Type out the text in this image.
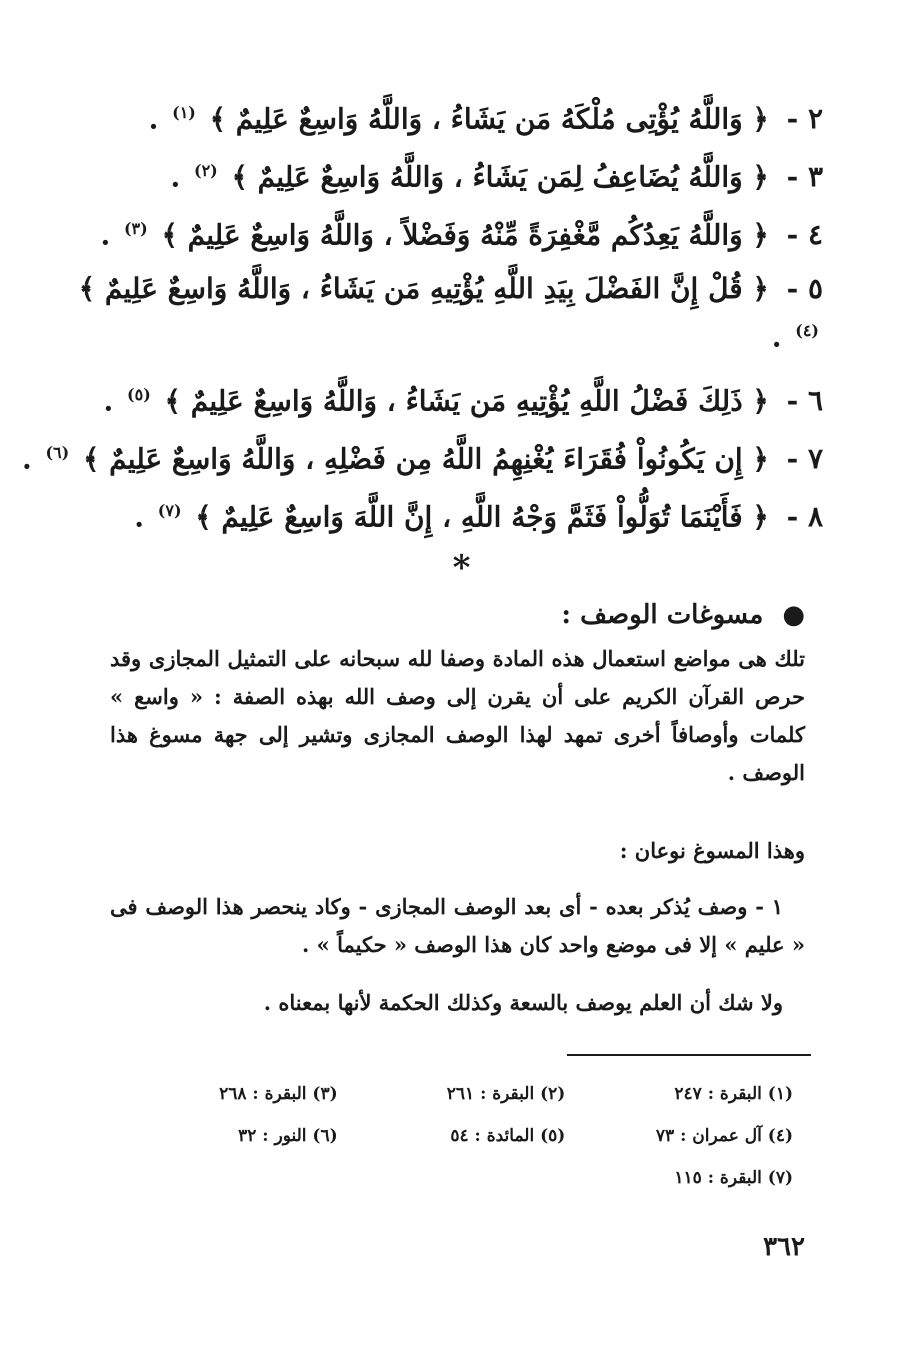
٢ - ﴿ وَاللَّهُ يُؤْتِى مُلْكَهُ مَن يَشَاءُ ، وَاللَّهُ وَاسِعٌ عَلِيمٌ ﴾ $^{(١)}$ .
٣ - ﴿ وَاللَّهُ يُضَاعِفُ لِمَن يَشَاءُ ، وَاللَّهُ وَاسِعٌ عَلِيمٌ ﴾ $^{(٢)}$ .
٤ - ﴿ وَاللَّهُ يَعِدُكُم مَّغْفِرَةً مِّنْهُ وَفَضْلاً ، وَاللَّهُ وَاسِعٌ عَلِيمٌ ﴾ $^{(٣)}$ .
٥ - ﴿ قُلْ إِنَّ الفَضْلَ بِيَدِ اللَّهِ يُؤْتِيهِ مَن يَشَاءُ ، وَاللَّهُ وَاسِعٌ عَلِيمٌ ﴾ $^{(٤)}$ .
٦ - ﴿ ذَلِكَ فَضْلُ اللَّهِ يُؤْتِيهِ مَن يَشَاءُ ، وَاللَّهُ وَاسِعٌ عَلِيمٌ ﴾ $^{(٥)}$ .
٧ - ﴿ إِن يَكُونُواْ فُقَرَاءَ يُغْنِهِمُ اللَّهُ مِن فَضْلِهِ ، وَاللَّهُ وَاسِعٌ عَلِيمٌ ﴾ $^{(٦)}$ .
٨ - ﴿ فَأَيْنَمَا تُوَلُّواْ فَثَمَّ وَجْهُ اللَّهِ ، إِنَّ اللَّهَ وَاسِعٌ عَلِيمٌ ﴾ $^{(٧)}$ .
*
● مسوغات الوصف :

تلك هى مواضع استعمال هذه المادة وصفا لله سبحانه على التمثيل المجازى وقد حرص القرآن الكريم على أن يقرن إلى وصف الله بهذه الصفة : « واسع » كلمات وأوصافاً أخرى تمهد لهذا الوصف المجازى وتشير إلى جهة مسوغ هذا الوصف .

وهذا المسوغ نوعان :

١ - وصف يُذكر بعده - أى بعد الوصف المجازى - وكاد ينحصر هذا الوصف فى « عليم » إلا فى موضع واحد كان هذا الوصف « حكيماً » .

ولا شك أن العلم يوصف بالسعة وكذلك الحكمة لأنها بمعناه .

(١) البقرة : ٢٤٧
(٢) البقرة : ٢٦١
(٣) البقرة : ٢٦٨
(٤) آل عمران : ٧٣
(٥) المائدة : ٥٤
(٦) النور : ٣٢
(٧) البقرة : ١١٥
٣٦٢
